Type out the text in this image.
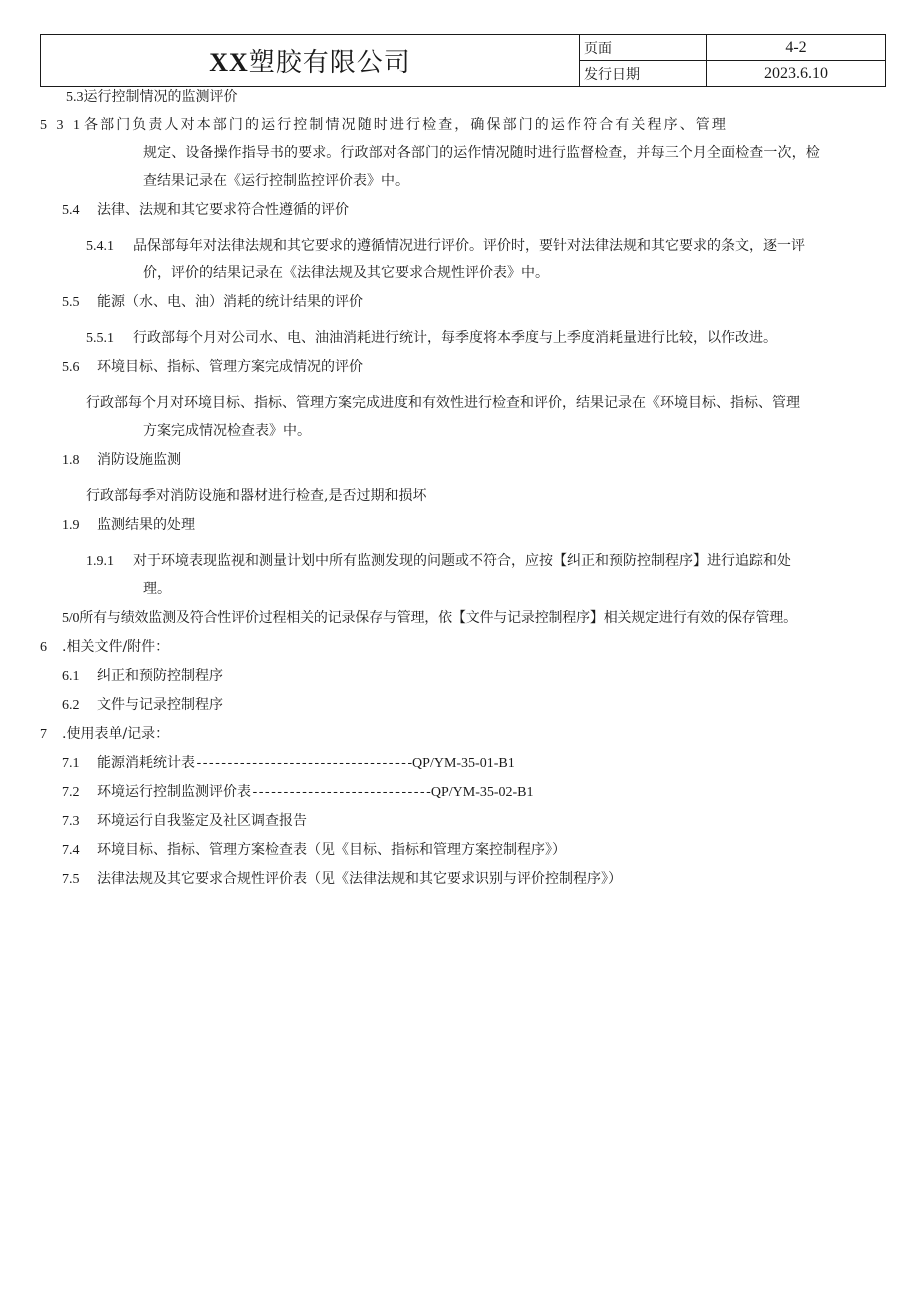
XX塑胶有限公司	页面	4-2
	发行日期	2023.6.10
5.3运行控制情况的监测评价
5 3 1各部门负责人对本部门的运行控制情况随时进行检查，确保部门的运作符合有关程序、管理
规定、设备操作指导书的要求。行政部对各部门的运作情况随时进行监督检查，并每三个月全面检查一次，检
查结果记录在《运行控制监控评价表》中。
5.4 法律、法规和其它要求符合性遵循的评价
5.4.1 品保部每年对法律法规和其它要求的遵循情况进行评价。评价时，要针对法律法规和其它要求的条文，逐一评
价，评价的结果记录在《法律法规及其它要求合规性评价表》中。
5.5 能源（水、电、油）消耗的统计结果的评价
5.5.1 行政部每个月对公司水、电、油油消耗进行统计，每季度将本季度与上季度消耗量进行比较，以作改进。
5.6 环境目标、指标、管理方案完成情况的评价
行政部每个月对环境目标、指标、管理方案完成进度和有效性进行检查和评价，结果记录在《环境目标、指标、管理
方案完成情况检查表》中。
1.8 消防设施监测
行政部每季对消防设施和器材进行检查,是否过期和损坏
1.9 监测结果的处理
1.9.1 对于环境表现监视和测量计划中所有监测发现的问题或不符合，应按【纠正和预防控制程序】进行追踪和处
理。
5/0所有与绩效监测及符合性评价过程相关的记录保存与管理，依【文件与记录控制程序】相关规定进行有效的保存管理。
6 .相关文件/附件：
6.1 纠正和预防控制程序
6.2 文件与记录控制程序
7 .使用表单/记录：
7.1 能源消耗统计表-----------------------------------QP/YM-35-01-B1
7.2 环境运行控制监测评价表-----------------------------QP/YM-35-02-B1
7.3 环境运行自我鉴定及社区调查报告
7.4 环境目标、指标、管理方案检查表（见《目标、指标和管理方案控制程序》）
7.5 法律法规及其它要求合规性评价表（见《法律法规和其它要求识别与评价控制程序》）
